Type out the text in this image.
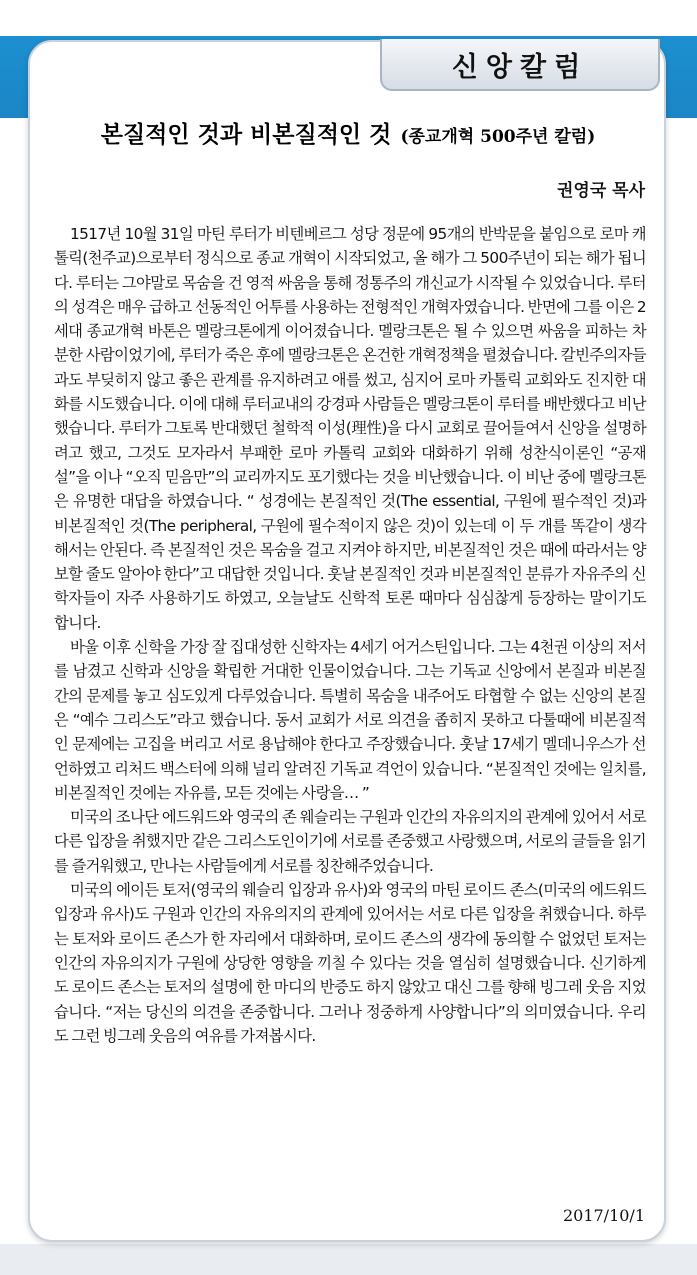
신앙칼럼
본질적인 것과 비본질적인 것 (종교개혁 500주년 칼럼)
권영국 목사

1517년 10월 31일 마틴 루터가 비텐베르그 성당 정문에 95개의 반박문을 붙임으로 로마 캐톨릭(천주교)으로부터 정식으로 종교 개혁이 시작되었고, 올 해가 그 500주년이 되는 해가 됩니다. 루터는 그야말로 목숨을 건 영적 싸움을 통해 정통주의 개신교가 시작될 수 있었습니다. 루터의 성격은 매우 급하고 선동적인 어투를 사용하는 전형적인 개혁자였습니다. 반면에 그를 이은 2세대 종교개혁 바톤은 멜랑크톤에게 이어졌습니다. 멜랑크톤은 될 수 있으면 싸움을 피하는 차분한 사람이었기에, 루터가 죽은 후에 멜랑크톤은 온건한 개혁정책을 펼쳤습니다. 칼빈주의자들과도 부딪히지 않고 좋은 관계를 유지하려고 애를 썼고, 심지어 로마 카톨릭 교회와도 진지한 대화를 시도했습니다. 이에 대해 루터교내의 강경파 사람들은 멜랑크톤이 루터를 배반했다고 비난했습니다. 루터가 그토록 반대했던 철학적 이성(理性)을 다시 교회로 끌어들여서 신앙을 설명하려고 했고, 그것도 모자라서 부패한 로마 카톨릭 교회와 대화하기 위해 성찬식이론인 “공재설”을 이나 “오직 믿음만”의 교리까지도 포기했다는 것을 비난했습니다. 이 비난 중에 멜랑크톤은 유명한 대답을 하였습니다. “ 성경에는 본질적인 것(The essential, 구원에 필수적인 것)과 비본질적인 것(The peripheral, 구원에 필수적이지 않은 것)이 있는데 이 두 개를 똑같이 생각해서는 안된다. 즉 본질적인 것은 목숨을 걸고 지켜야 하지만, 비본질적인 것은 때에 따라서는 양보할 줄도 알아야 한다”고 대답한 것입니다. 훗날 본질적인 것과 비본질적인 분류가 자유주의 신학자들이 자주 사용하기도 하였고, 오늘날도 신학적 토론 때마다 심심찮게 등장하는 말이기도 합니다.

바울 이후 신학을 가장 잘 집대성한 신학자는 4세기 어거스틴입니다. 그는 4천권 이상의 저서를 남겼고 신학과 신앙을 확립한 거대한 인물이었습니다. 그는 기독교 신앙에서 본질과 비본질 간의 문제를 놓고 심도있게 다루었습니다. 특별히 목숨을 내주어도 타협할 수 없는 신앙의 본질은 “예수 그리스도”라고 했습니다. 동서 교회가 서로 의견을 좁히지 못하고 다툴때에 비본질적인 문제에는 고집을 버리고 서로 용납해야 한다고 주장했습니다. 훗날 17세기 멜데니우스가 선언하였고 리처드 백스터에 의해 널리 알려진 기독교 격언이 있습니다. “본질적인 것에는 일치를, 비본질적인 것에는 자유를, 모든 것에는 사랑을… ”

미국의 조나단 에드워드와 영국의 존 웨슬리는 구원과 인간의 자유의지의 관계에 있어서 서로 다른 입장을 취했지만 같은 그리스도인이기에 서로를 존중했고 사랑했으며, 서로의 글들을 읽기를 즐거워했고, 만나는 사람들에게 서로를 칭찬해주었습니다.

미국의 에이든 토저(영국의 웨슬리 입장과 유사)와 영국의 마틴 로이드 존스(미국의 에드워드 입장과 유사)도 구원과 인간의 자유의지의 관계에 있어서는 서로 다른 입장을 취했습니다. 하루는 토저와 로이드 존스가 한 자리에서 대화하며, 로이드 존스의 생각에 동의할 수 없었던 토저는 인간의 자유의지가 구원에 상당한 영향을 끼칠 수 있다는 것을 열심히 설명했습니다. 신기하게도 로이드 존스는 토저의 설명에 한 마디의 반증도 하지 않았고 대신 그를 향해 빙그레 웃음 지었습니다. “저는 당신의 의견을 존중합니다. 그러나 정중하게 사양합니다”의 의미였습니다. 우리도 그런 빙그레 웃음의 여유를 가져봅시다.

2017/10/1
